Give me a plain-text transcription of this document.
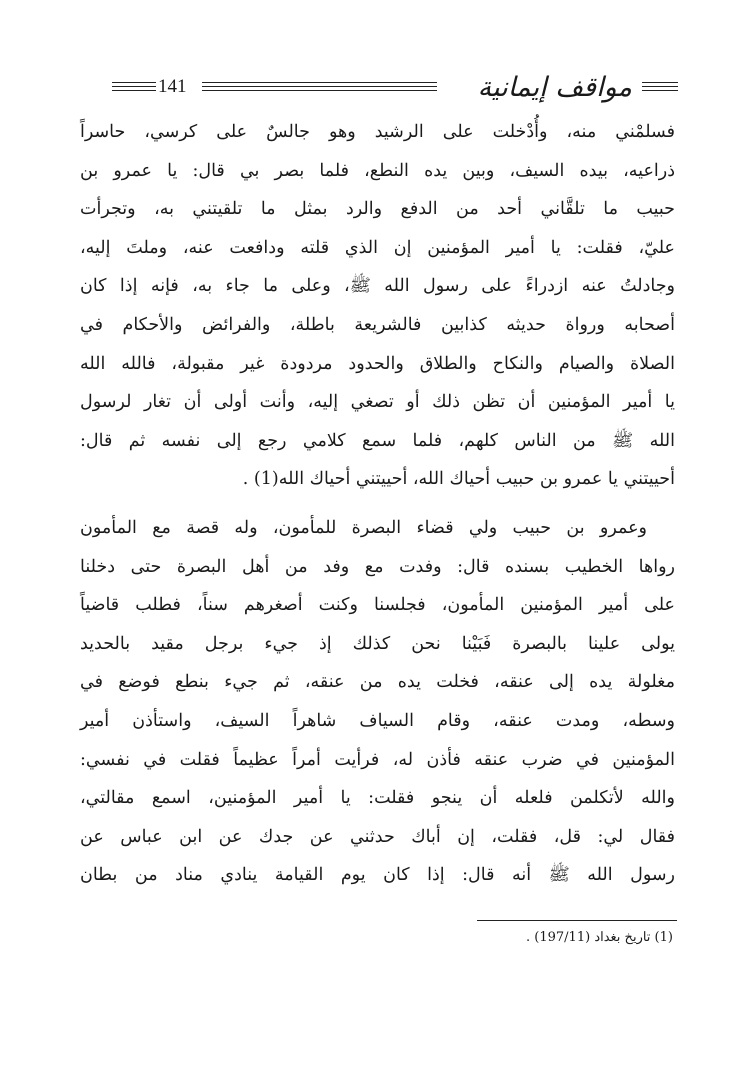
141	مواقف إيمانية
فسلمْني منه، وأُدْخلت على الرشيد وهو جالسٌ على كرسي، حاسراً
ذراعيه، بيده السيف، وبين يده النطع، فلما بصر بي قال: يا عمرو بن
حبيب ما تلقَّاني أحد من الدفع والرد بمثل ما تلقيتني به، وتجرأت
عليّ، فقلت: يا أمير المؤمنين إن الذي قلته ودافعت عنه، وملتَ إليه،
وجادلتُ عنه ازدراءً على رسول الله ﷺ، وعلى ما جاء به، فإنه إذا كان
أصحابه ورواة حديثه كذابين فالشريعة باطلة، والفرائض والأحكام في
الصلاة والصيام والنكاح والطلاق والحدود مردودة غير مقبولة، فالله الله
يا أمير المؤمنين أن تظن ذلك أو تصغي إليه، وأنت أولى أن تغار لرسول
الله ﷺ من الناس كلهم، فلما سمع كلامي رجع إلى نفسه ثم قال:
أحييتني يا عمرو بن حبيب أحياك الله، أحييتني أحياك الله(1) .
وعمرو بن حبيب ولي قضاء البصرة للمأمون، وله قصة مع المأمون
رواها الخطيب بسنده قال: وفدت مع وفد من أهل البصرة حتى دخلنا
على أمير المؤمنين المأمون، فجلسنا وكنت أصغرهم سناً، فطلب قاضياً
يولى علينا بالبصرة فَبَيْنا نحن كذلك إذ جيء برجل مقيد بالحديد
مغلولة يده إلى عنقه، فخلت يده من عنقه، ثم جيء بنطع فوضع في
وسطه، ومدت عنقه، وقام السياف شاهراً السيف، واستأذن أمير
المؤمنين في ضرب عنقه فأذن له، فرأيت أمراً عظيماً فقلت في نفسي:
والله لأتكلمن فلعله أن ينجو فقلت: يا أمير المؤمنين، اسمع مقالتي،
فقال لي: قل، فقلت، إن أباك حدثني عن جدك عن ابن عباس عن
رسول الله ﷺ أنه قال: إذا كان يوم القيامة ينادي مناد من بطان
(1) تاريخ بغداد (197/11) .
